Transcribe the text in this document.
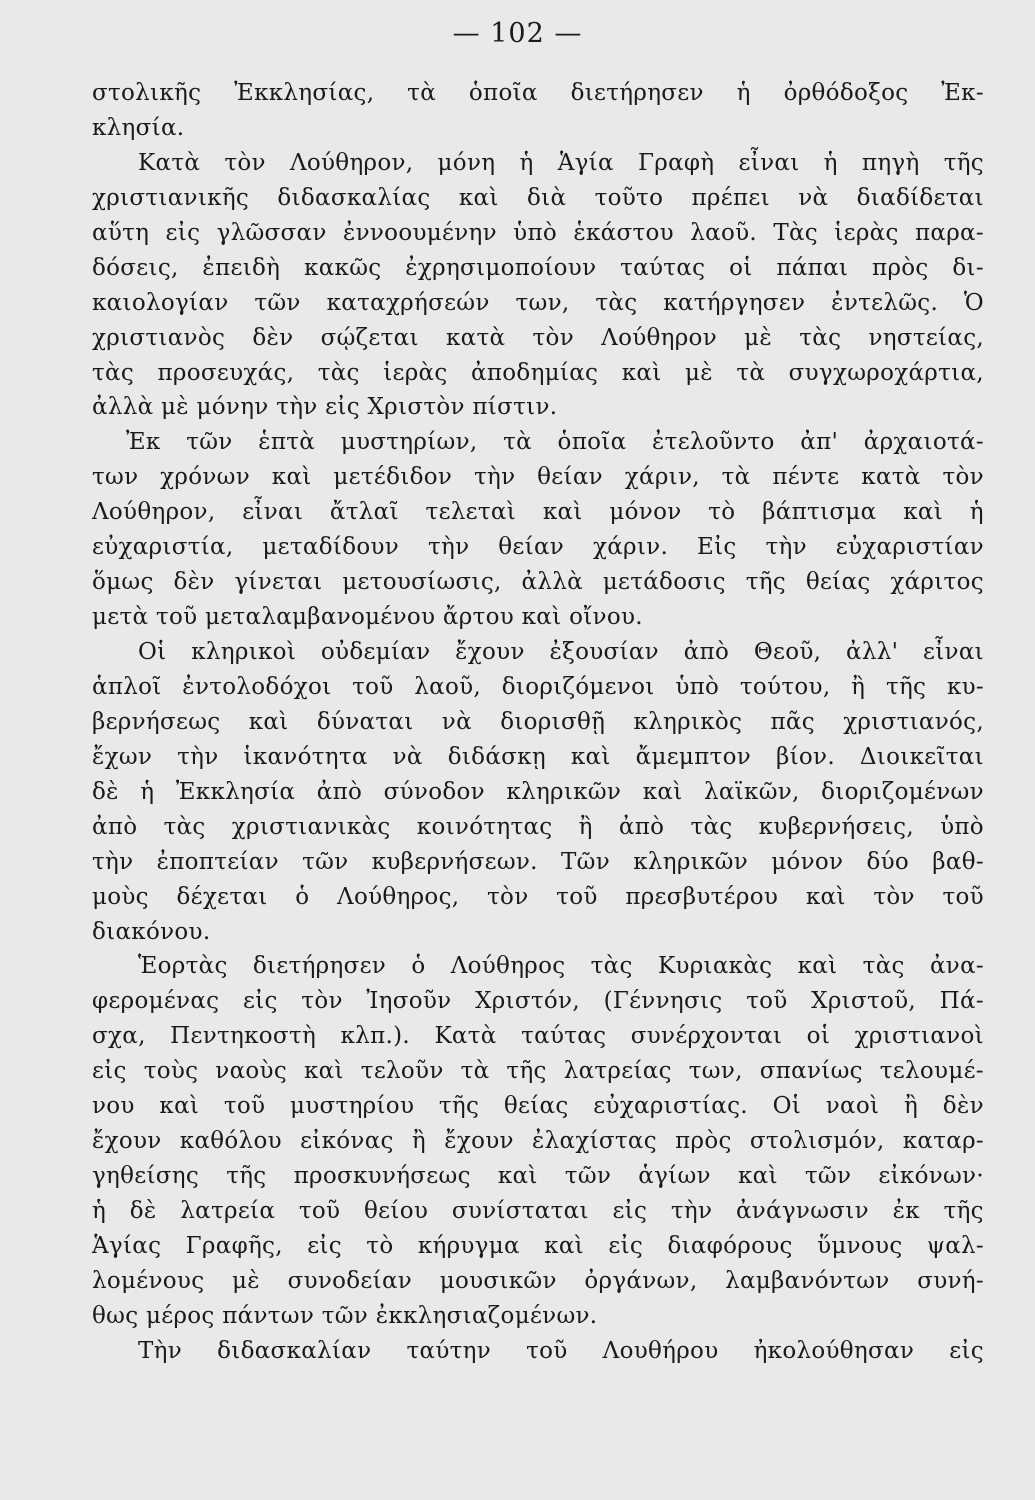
— 102 —
στολικῆς Ἐκκλησίας, τὰ ὁποῖα διετήρησεν ἡ ὀρθόδοξος Ἐκ-
κλησία.
Κατὰ τὸν Λούθηρον, μόνη ἡ Ἁγία Γραφὴ εἶναι ἡ πηγὴ τῆς
χριστιανικῆς διδασκαλίας καὶ διὰ τοῦτο πρέπει νὰ διαδίδεται
αὕτη εἰς γλῶσσαν ἐννοουμένην ὑπὸ ἑκάστου λαοῦ. Τὰς ἱερὰς παρα-
δόσεις, ἐπειδὴ κακῶς ἐχρησιμοποίουν ταύτας οἱ πάπαι πρὸς δι-
καιολογίαν τῶν καταχρήσεών των, τὰς κατήργησεν ἐντελῶς. Ὁ
χριστιανὸς δὲν σῴζεται κατὰ τὸν Λούθηρον μὲ τὰς νηστείας,
τὰς προσευχάς, τὰς ἱερὰς ἀποδημίας καὶ μὲ τὰ συγχωροχάρτια,
ἀλλὰ μὲ μόνην τὴν εἰς Χριστὸν πίστιν.
Ἐκ τῶν ἑπτὰ μυστηρίων, τὰ ὁποῖα ἐτελοῦντο ἀπ' ἀρχαιοτά-
των χρόνων καὶ μετέδιδον τὴν θείαν χάριν, τὰ πέντε κατὰ τὸν
Λούθηρον, εἶναι ἄτλαῖ τελεταὶ καὶ μόνον τὸ βάπτισμα καὶ ἡ
εὐχαριστία, μεταδίδουν τὴν θείαν χάριν. Εἰς τὴν εὐχαριστίαν
ὅμως δὲν γίνεται μετουσίωσις, ἀλλὰ μετάδοσις τῆς θείας χάριτος
μετὰ τοῦ μεταλαμβανομένου ἄρτου καὶ οἴνου.
Οἱ κληρικοὶ οὐδεμίαν ἔχουν ἐξουσίαν ἀπὸ Θεοῦ, ἀλλ' εἶναι
ἁπλοῖ ἐντολοδόχοι τοῦ λαοῦ, διοριζόμενοι ὑπὸ τούτου, ἢ τῆς κυ-
βερνήσεως καὶ δύναται νὰ διορισθῇ κληρικὸς πᾶς χριστιανός,
ἔχων τὴν ἱκανότητα νὰ διδάσκῃ καὶ ἄμεμπτον βίον. Διοικεῖται
δὲ ἡ Ἐκκλησία ἀπὸ σύνοδον κληρικῶν καὶ λαϊκῶν, διοριζομένων
ἀπὸ τὰς χριστιανικὰς κοινότητας ἢ ἀπὸ τὰς κυβερνήσεις, ὑπὸ
τὴν ἐποπτείαν τῶν κυβερνήσεων. Τῶν κληρικῶν μόνον δύο βαθ-
μοὺς δέχεται ὁ Λούθηρος, τὸν τοῦ πρεσβυτέρου καὶ τὸν τοῦ
διακόνου.
Ἑορτὰς διετήρησεν ὁ Λούθηρος τὰς Κυριακὰς καὶ τὰς ἀνα-
φερομένας εἰς τὸν Ἰησοῦν Χριστόν, (Γέννησις τοῦ Χριστοῦ, Πά-
σχα, Πεντηκοστὴ κλπ.). Κατὰ ταύτας συνέρχονται οἱ χριστιανοὶ
εἰς τοὺς ναοὺς καὶ τελοῦν τὰ τῆς λατρείας των, σπανίως τελουμέ-
νου καὶ τοῦ μυστηρίου τῆς θείας εὐχαριστίας. Οἱ ναοὶ ἢ δὲν
ἔχουν καθόλου εἰκόνας ἢ ἔχουν ἐλαχίστας πρὸς στολισμόν, καταρ-
γηθείσης τῆς προσκυνήσεως καὶ τῶν ἁγίων καὶ τῶν εἰκόνων·
ἡ δὲ λατρεία τοῦ θείου συνίσταται εἰς τὴν ἀνάγνωσιν ἐκ τῆς
Ἁγίας Γραφῆς, εἰς τὸ κήρυγμα καὶ εἰς διαφόρους ὕμνους ψαλ-
λομένους μὲ συνοδείαν μουσικῶν ὀργάνων, λαμβανόντων συνή-
θως μέρος πάντων τῶν ἐκκλησιαζομένων.
Τὴν διδασκαλίαν ταύτην τοῦ Λουθήρου ἠκολούθησαν εἰς
